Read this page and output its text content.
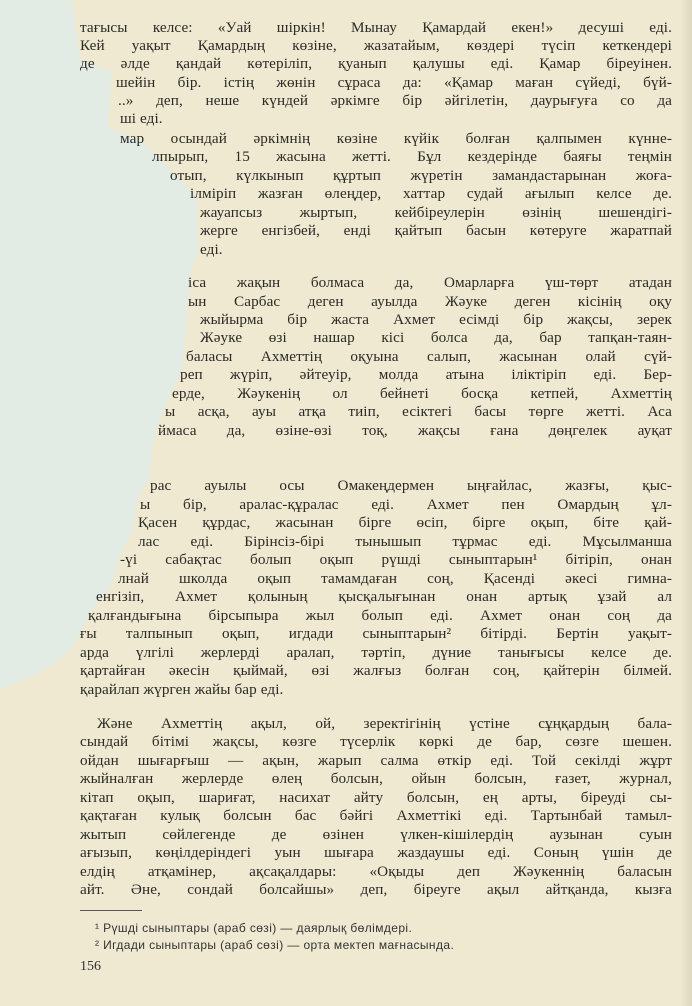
тағысы келсе: «Уай шіркін! Мынау Қамардай екен!» десуші еді.
Кей уақыт Қамардың көзіне, жазатайым, көздері түсіп кеткендері
де әлде қандай көтеріліп, қуанып қалушы еді. Қамар біреуінен.
шейін бір. істің жөнін сұраса да: «Қамар маған сүйеді, бүй-
..» деп, неше күндей әркімге бір әйгілетін, даурығуға со да
ші еді.
мар осындай әркімнің көзіне күйік болған қалпымен күнне-
лпырып, 15 жасына жетті. Бұл кездерінде баяғы теңмін
отып, күлкынып құртып жүретін замандастарынан жоға-
ілміріп жазған өлеңдер, хаттар судай ағылып келсе де.
жауапсыз жыртып, кейбіреулерін өзінің шешендігі-
жерге енгізбей, енді қайтып басын көтеруге жаратпай
еді.
іса жақын болмаса да, Омарларға үш-төрт атадан
ын Сарбас деген ауылда Жәуке деген кісінің оқу
жыйырма бір жаста Ахмет есімді бір жақсы, зерек
Жәуке өзі нашар кісі болса да, бар тапқан-таян-
баласы Ахметтің оқуына салып, жасынан олай сүй-
реп жүріп, әйтеуір, молда атына іліктіріп еді. Бер-
ерде, Жәукенің ол бейнеті босқа кетпей, Ахметтің
ы асқа, ауы атқа тиіп, есіктегі басы төрге жетті. Аса
ймаса да, өзіне-өзі тоқ, жақсы ғана дөңгелек ауқат
рас ауылы осы Омакеңдермен ыңғайлас, жазғы, қыс-
ы бір, аралас-құралас еді. Ахмет пен Омардың ұл-
Қасен құрдас, жасынан бірге өсіп, бірге оқып, біте қай-
лас еді. Бірінсіз-бірі тынышып тұрмас еді. Мұсылманша
-үі сабақтас болып оқып рүшді сыныптарын¹ бітіріп, онан
лнай школда оқып тамамдаған соң, Қасенді әкесі гимна-
енгізіп, Ахмет қолының қысқалығынан онан артық ұзай ал
қалғандығына бірсыпыра жыл болып еді. Ахмет онан соң да
ғы талпынып оқып, игдади сыныптарын² бітірді. Бертін уақыт-
арда үлгілі жерлерді аралап, тәртіп, дүние танығысы келсе де.
қартайған әкесін қыймай, өзі жалғыз болған соң, қайтерін білмей.
қарайлап жүрген жайы бар еді.
Және Ахметтің ақыл, ой, зеректігінің үстіне сұңқардың бала-
сындай бітімі жақсы, көзге түсерлік көркі де бар, сөзге шешен.
ойдан шығарғыш — ақын, жарып салма өткір еді. Той секілді жұрт
жыйналған жерлерде өлең болсын, ойын болсын, ғазет, журнал,
кітап оқып, шариғат, насихат айту болсын, ең арты, біреуді сы-
қақтаған кулық болсын бас бәйгі Ахметтікі еді. Тартынбай тамыл-
жытып сөйлегенде де өзінен үлкен-кішілердің аузынан суын
ағызып, көңілдеріндегі уын шығара жаздаушы еді. Соның үшін де
елдің атқамінер, ақсақалдары: «Оқыды деп Жәукеннің баласын
айт. Әне, сондай болсайшы» деп, біреуге ақыл айтқанда, кызға
¹ Рүшді сыныптары (араб сөзі) — даярлық бөлімдері.
² Игдади сыныптары (араб сөзі) — орта мектеп мағнасында.
156
